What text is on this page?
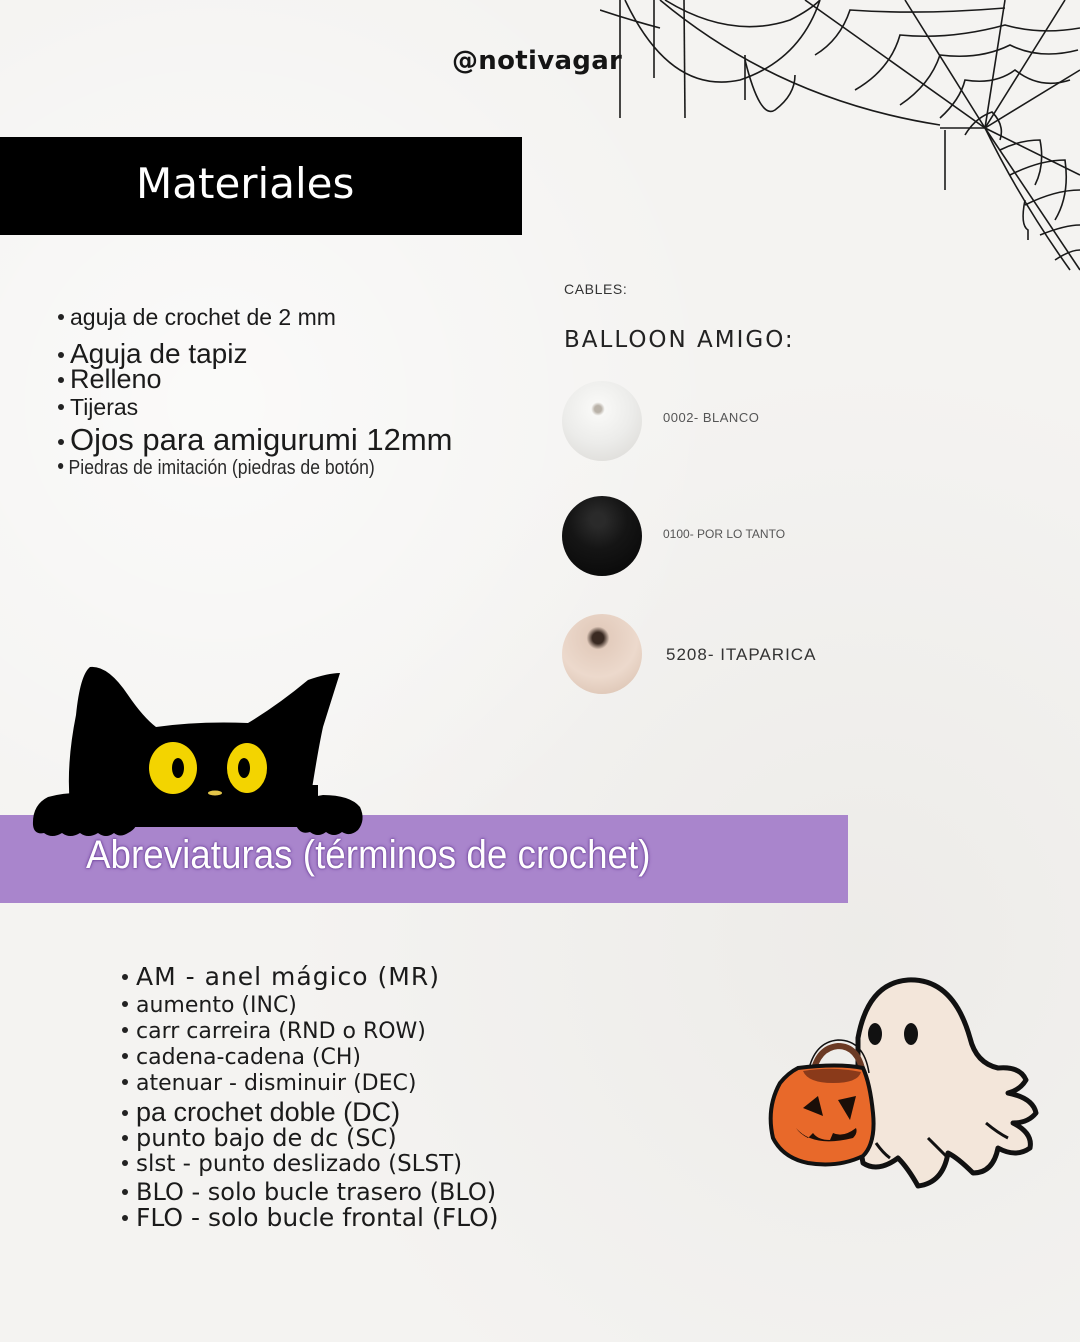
@notivagar
Materiales
aguja de crochet de 2 mm
Aguja de tapiz
Relleno
Tijeras
Ojos para amigurumi 12mm
Piedras de imitación (piedras de botón)
CABLES:
BALLOON AMIGO:
0002- BLANCO
0100- POR LO TANTO
5208- ITAPARICA
Abreviaturas (términos de crochet)
AM - anel mágico (MR)
aumento (INC)
carr carreira (RND o ROW)
cadena-cadena (CH)
atenuar - disminuir (DEC)
pa crochet doble (DC)
punto bajo de dc (SC)
slst - punto deslizado (SLST)
BLO - solo bucle trasero (BLO)
FLO - solo bucle frontal (FLO)
